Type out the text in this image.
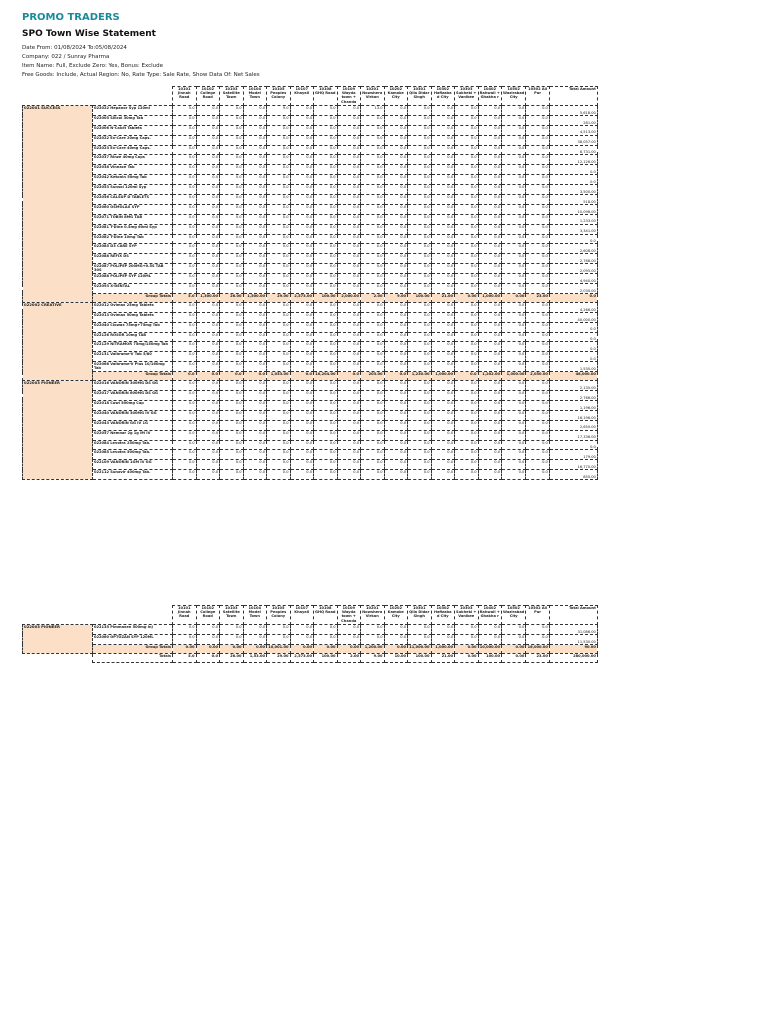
PROMO TRADERS
SPO Town Wise Statement
Date From: 01/08/2024 To:05/08/2024
Company: 022 / Sunray Pharma
Item Name: Full, Exclude Zero: Yes, Bonus: Exclude
Free Goods: Include, Actual Region: No, Rate Type: Sale Rate, Show Data Of: Net Sales
		10101 Jinnah Road	10102 College Road	10103 Satellite Town	10104 Model Town	10105 Peoples Colony	10107 Khayali	10108 GHQ Road	10109 Wayda town + Chanda	10201 Nowshera Virkan	10202 Kamoke City	10301 Qila Didar Singh	10302 Hafizaba d City	10303 Sukheki + Vanikee	10402 Rahwali + Ghakha r	10502 Wazirabad City	10502 All Pur	Total Amount
022001 SUCCESS	022022 Hepanor Syp 120ml	5.0	0.0	0.0	0.0	9.0	0.0	5.0	0.0	13.0	0.0	0.0	0.0	0.0	0.0	0.0	0.0	5,618.00
	022005 Silicol 30mg Tab	0.0	0.0	0.0	0.0	0.0	0.0	0.0	0.0	0.0	0.0	0.0	0.0	0.0	0.0	0.0	0.0	281.00
	022006 N-Calcit Tablets	0.0	0.0	0.0	0.0	0.0	0.0	0.0	0.0	0.0	0.0	0.0	0.0	0.0	0.0	0.0	0.0	4,513.00
	022022 Ex-Care 20mg Caps.	0.0	0.0	0.0	0.0	0.0	0.0	0.0	0.0	0.0	0.0	0.0	0.0	0.0	0.0	0.0	0.0	38,057.00
	022023 Ex-Care 40mg Caps.	0.0	0.0	0.0	0.0	0.0	0.0	0.0	0.0	0.0	0.0	0.0	0.0	0.0	0.0	0.0	0.0	8,731.00
	022037 Rinze 40mg Caps	0.0	0.0	0.0	0.0	0.0	0.0	0.0	0.0	0.0	0.0	0.0	0.0	0.0	0.0	0.0	0.0	12,126.00
	022038 Vinnace Tab	0.0	0.0	0.0	0.0	0.0	0.0	0.0	0.0	0.0	0.0	0.0	0.0	0.0	0.0	0.0	0.0	0.0
	022042 Ketonin 50mg Tab	0.0	0.0	0.0	0.0	0.0	0.0	0.0	0.0	0.0	0.0	0.0	0.0	0.0	0.0	0.0	0.0	0.0
	022053 Sunsol 120ml Syp	0.0	0.0	0.0	0.0	0.0	0.0	0.0	0.0	0.0	0.0	0.0	0.0	0.0	0.0	0.0	0.0	3,500.00
	022056 CALSUP D TABLETS	0.0	0.0	0.0	0.0	0.0	0.0	0.0	0.0	0.0	0.0	0.0	0.0	0.0	0.0	0.0	0.0	518.00
	022060 OSMOLAX SYP	0.0	0.0	0.0	0.0	0.0	0.0	0.0	0.0	0.0	0.0	0.0	0.0	0.0	0.0	0.0	0.0	10,098.00
	022071 TOBIN 8MG TAB	0.0	0.0	0.0	0.0	0.0	0.0	0.0	0.0	0.0	0.0	0.0	0.0	0.0	0.0	0.0	0.0	1,233.00
	022081 T-Dine 0.5mg 60ml Syp	0.0	0.0	0.0	0.0	0.0	0.0	0.0	0.0	0.0	0.0	0.0	0.0	0.0	0.0	0.0	0.0	3,341.00
	022082 T-Dine 10mg Tab	0.0	0.0	0.0	0.0	0.0	0.0	0.0	0.0	0.0	0.0	0.0	0.0	0.0	0.0	0.0	0.0	0.0
	022085 D3 CARE SYP	0.0	0.0	0.0	0.0	0.0	0.0	0.0	0.0	0.0	0.0	0.0	0.0	0.0	0.0	0.0	0.0	2,608.00
	022088 REFIX DS	0.0	0.0	0.0	0.0	0.0	0.0	0.0	0.0	0.0	0.0	0.0	0.0	0.0	0.0	0.0	0.0	2,768.00
	022087 POLIPEP 200MG+0.5S TAB 30S	0.0	0.0	0.0	0.0	0.0	0.0	0.0	0.0	0.0	0.0	0.0	0.0	0.0	0.0	0.0	0.0	2,095.00
	022088 POLIPEP SYP 120ML	0.0	0.0	0.0	0.0	0.0	0.0	0.0	0.0	0.0	0.0	0.0	0.0	0.0	0.0	0.0	0.0	4,940.00
	022093 X-DENTAL	0.0	0.0	0.0	0.0	0.0	0.0	0.0	0.0	0.0	0.0	0.0	0.0	0.0	0.0	0.0	0.0	2,030.00
	Group Totals	5.0	1,300.00	26.00	1,500.00	29.00	2,573.00	100.00	2,000.00	2.00	9.00	100.00	21.00	0.00	1,000.00	0.00	23.00	0.0
022002 CREATIVE	022012 Ovimax 25mg Tablets	0.0	0.0	0.0	0.0	0.0	0.0	0.0	0.0	0.0	0.0	0.0	0.0	0.0	0.0	0.0	0.0	4,266.00
	022013 Ovimax 50mg Tablets	0.0	0.0	0.0	0.0	0.0	0.0	0.0	0.0	0.0	0.0	0.0	0.0	0.0	0.0	0.0	0.0	40,000.00
	022040 Clowax 75mg+75mg Tab	0.0	0.0	0.0	0.0	0.0	0.0	0.0	0.0	0.0	0.0	0.0	0.0	0.0	0.0	0.0	0.0	0.0
	022126 ROSOR 10mg TAB	0.0	0.0	0.0	0.0	0.0	0.0	0.0	0.0	0.0	0.0	0.0	0.0	0.0	0.0	0.0	0.0	0.0
	022129 NITRAMOR 75mg/150mg Tab	0.0	0.0	0.0	0.0	0.0	0.0	0.0	0.0	0.0	0.0	0.0	0.0	0.0	0.0	0.0	0.0	0.0
	022131 Valbrame-V Tab 5/80	0.0	0.0	0.0	0.0	0.0	0.0	0.0	0.0	0.0	0.0	0.0	0.0	0.0	0.0	0.0	0.0	0.0
	022066 Valbrame-V Plus 10/160mg Tab	0.0	0.0	0.0	0.0	0.0	0.0	0.0	0.0	0.0	0.0	0.0	0.0	0.0	0.0	0.0	0.0	1,530.00
	Group Totals	0.0	0.0	0.0	0.0	1,053.00	0.0	10,204.00	0.0	203.00	0.0	1,230.00	1,000.00	0.0	1,202.00	1,000.00	2,050.00	48,000.00
022003 PIONEER	022016 VANORIN 300MG DS GG	0.0	0.0	0.0	0.0	0.0	0.0	0.0	0.0	0.0	0.0	0.0	0.0	0.0	0.0	0.0	0.0	2,135.00
	022017 VANORIN 600MG DS GG	0.0	0.0	0.0	0.0	0.0	0.0	0.0	0.0	0.0	0.0	0.0	0.0	0.0	0.0	0.0	0.0	2,766.00
	022018 Cowl 500mg Cap	0.0	0.0	0.0	0.0	0.0	0.0	0.0	0.0	0.0	0.0	0.0	0.0	0.0	0.0	0.0	0.0	1,196.00
	022040 VANORIN 300MG IV GG	0.0	0.0	0.0	0.0	0.0	0.0	0.0	0.0	0.0	0.0	0.0	0.0	0.0	0.0	0.0	0.0	16,196.00
	022043 VANORIN GG IV 1G	0.0	0.0	0.0	0.0	0.0	0.0	0.0	0.0	0.0	0.0	0.0	0.0	0.0	0.0	0.0	0.0	2,650.00
	022057 Nemnar 2g 1g IM IV	0.0	0.0	0.0	0.0	0.0	0.0	0.0	0.0	0.0	0.0	0.0	0.0	0.0	0.0	0.0	0.0	17,336.00
	022084 Levotra 250mg Tab.	0.0	0.0	0.0	0.0	0.0	0.0	0.0	0.0	0.0	0.0	0.0	0.0	0.0	0.0	0.0	0.0	0.0
	022085 Levotra 500mg Tab.	0.0	0.0	0.0	0.0	0.0	0.0	0.0	0.0	0.0	0.0	0.0	0.0	0.0	0.0	0.0	0.0	179.00
	022109 VANORIN 1GM IV GG	0.0	0.0	0.0	0.0	0.0	0.0	0.0	0.0	0.0	0.0	0.0	0.0	0.0	0.0	0.0	0.0	16,770.00
	022112 Sunovir 400mg Tab.	0.0	0.0	0.0	0.0	0.0	0.0	0.0	0.0	0.0	0.0	0.0	0.0	0.0	0.0	0.0	0.0	855.00
		10101 Jinnah Road	10102 College Road	10103 Satellite Town	10104 Model Town	10105 Peoples Colony	10107 Khayali	10108 GHQ Road	10109 Wayda town + Chanda	10201 Nowshera Virkan	10202 Kamoke City	10301 Qila Didar Singh	10302 Hafizaba d City	10303 Sukheki + Vanikee	10402 Rahwali + Ghakha r	10502 Wazirabad City	10502 All Pur	Total Amount
022003 PIONEER	022135 Pimmaxen 500mg Inj	0.0	0.0	0.0	0.0	0.0	0.0	0.0	0.0	0.0	0.0	0.0	0.0	0.0	0.0	0.0	0.0	31,086.00
	022060 OPTOZAN SYP 120ML	0.0	0.0	0.0	0.0	0.0	0.0	0.0	0.0	0.0	0.0	0.0	0.0	0.0	0.0	0.0	0.0	11,530.00
	Group Totals	0.00	0.00	0.00	0.00	10,001.00	0.00	0.00	0.00	1,200.00	0.00	11,000.00	1,000.00	0.00	10,000.00	0.00	16,000.00	90.00
	Totals	5.0	0.0	26.00	1,53.00	29.00	2,573.00	100.00	2.00	9.00	10.00	100.00	21.00	0.00	100.00	0.00	23.00	280,000.00
